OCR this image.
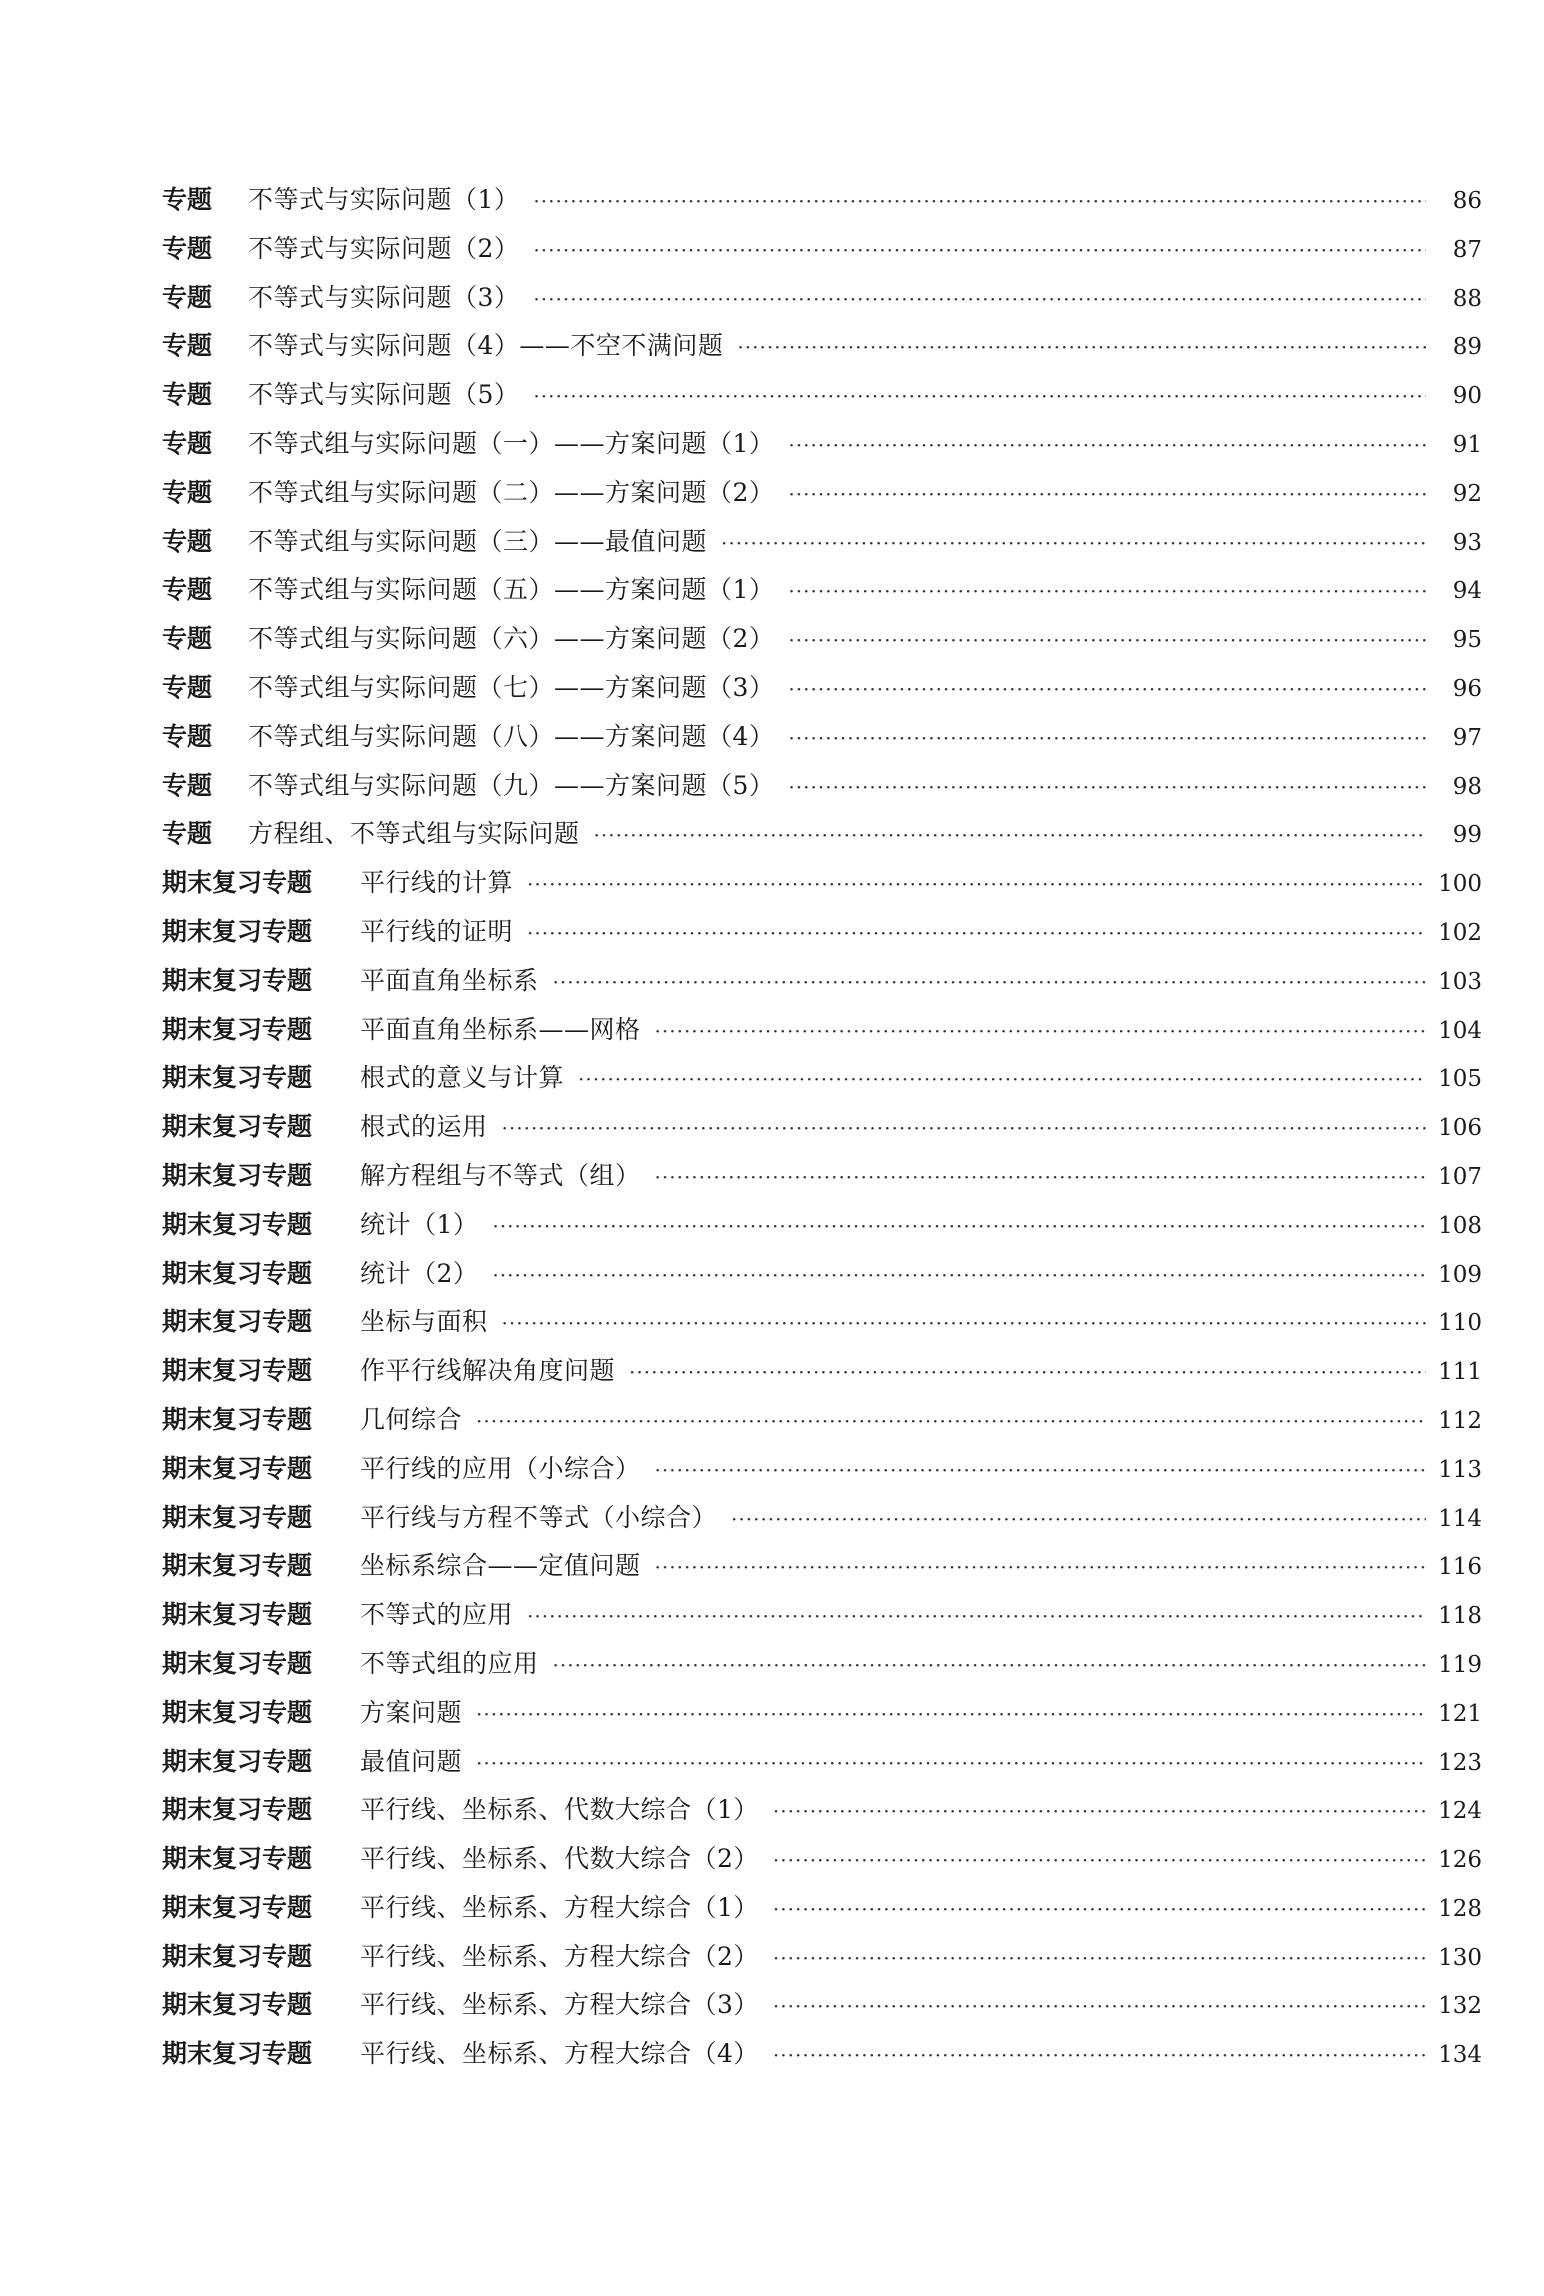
专题	不等式与实际问题（1） ·····	86
专题	不等式与实际问题（2） ·····	87
专题	不等式与实际问题（3） ·····	88
专题	不等式与实际问题（4）——不空不满问题 ·····	89
专题	不等式与实际问题（5） ·····	90
专题	不等式组与实际问题（一）——方案问题（1） ·····	91
专题	不等式组与实际问题（二）——方案问题（2） ·····	92
专题	不等式组与实际问题（三）——最值问题 ·····	93
专题	不等式组与实际问题（五）——方案问题（1） ·····	94
专题	不等式组与实际问题（六）——方案问题（2） ·····	95
专题	不等式组与实际问题（七）——方案问题（3） ·····	96
专题	不等式组与实际问题（八）——方案问题（4） ·····	97
专题	不等式组与实际问题（九）——方案问题（5） ·····	98
专题	方程组、不等式组与实际问题 ·····	99
期末复习专题	平行线的计算 ·····	100
期末复习专题	平行线的证明 ·····	102
期末复习专题	平面直角坐标系 ·····	103
期末复习专题	平面直角坐标系——网格 ·····	104
期末复习专题	根式的意义与计算 ·····	105
期末复习专题	根式的运用 ·····	106
期末复习专题	解方程组与不等式（组） ·····	107
期末复习专题	统计（1） ·····	108
期末复习专题	统计（2） ·····	109
期末复习专题	坐标与面积 ·····	110
期末复习专题	作平行线解决角度问题 ·····	111
期末复习专题	几何综合 ·····	112
期末复习专题	平行线的应用（小综合） ·····	113
期末复习专题	平行线与方程不等式（小综合） ·····	114
期末复习专题	坐标系综合——定值问题 ·····	116
期末复习专题	不等式的应用 ·····	118
期末复习专题	不等式组的应用 ·····	119
期末复习专题	方案问题 ·····	121
期末复习专题	最值问题 ·····	123
期末复习专题	平行线、坐标系、代数大综合（1） ·····	124
期末复习专题	平行线、坐标系、代数大综合（2） ·····	126
期末复习专题	平行线、坐标系、方程大综合（1） ·····	128
期末复习专题	平行线、坐标系、方程大综合（2） ·····	130
期末复习专题	平行线、坐标系、方程大综合（3） ·····	132
期末复习专题	平行线、坐标系、方程大综合（4） ·····	134
